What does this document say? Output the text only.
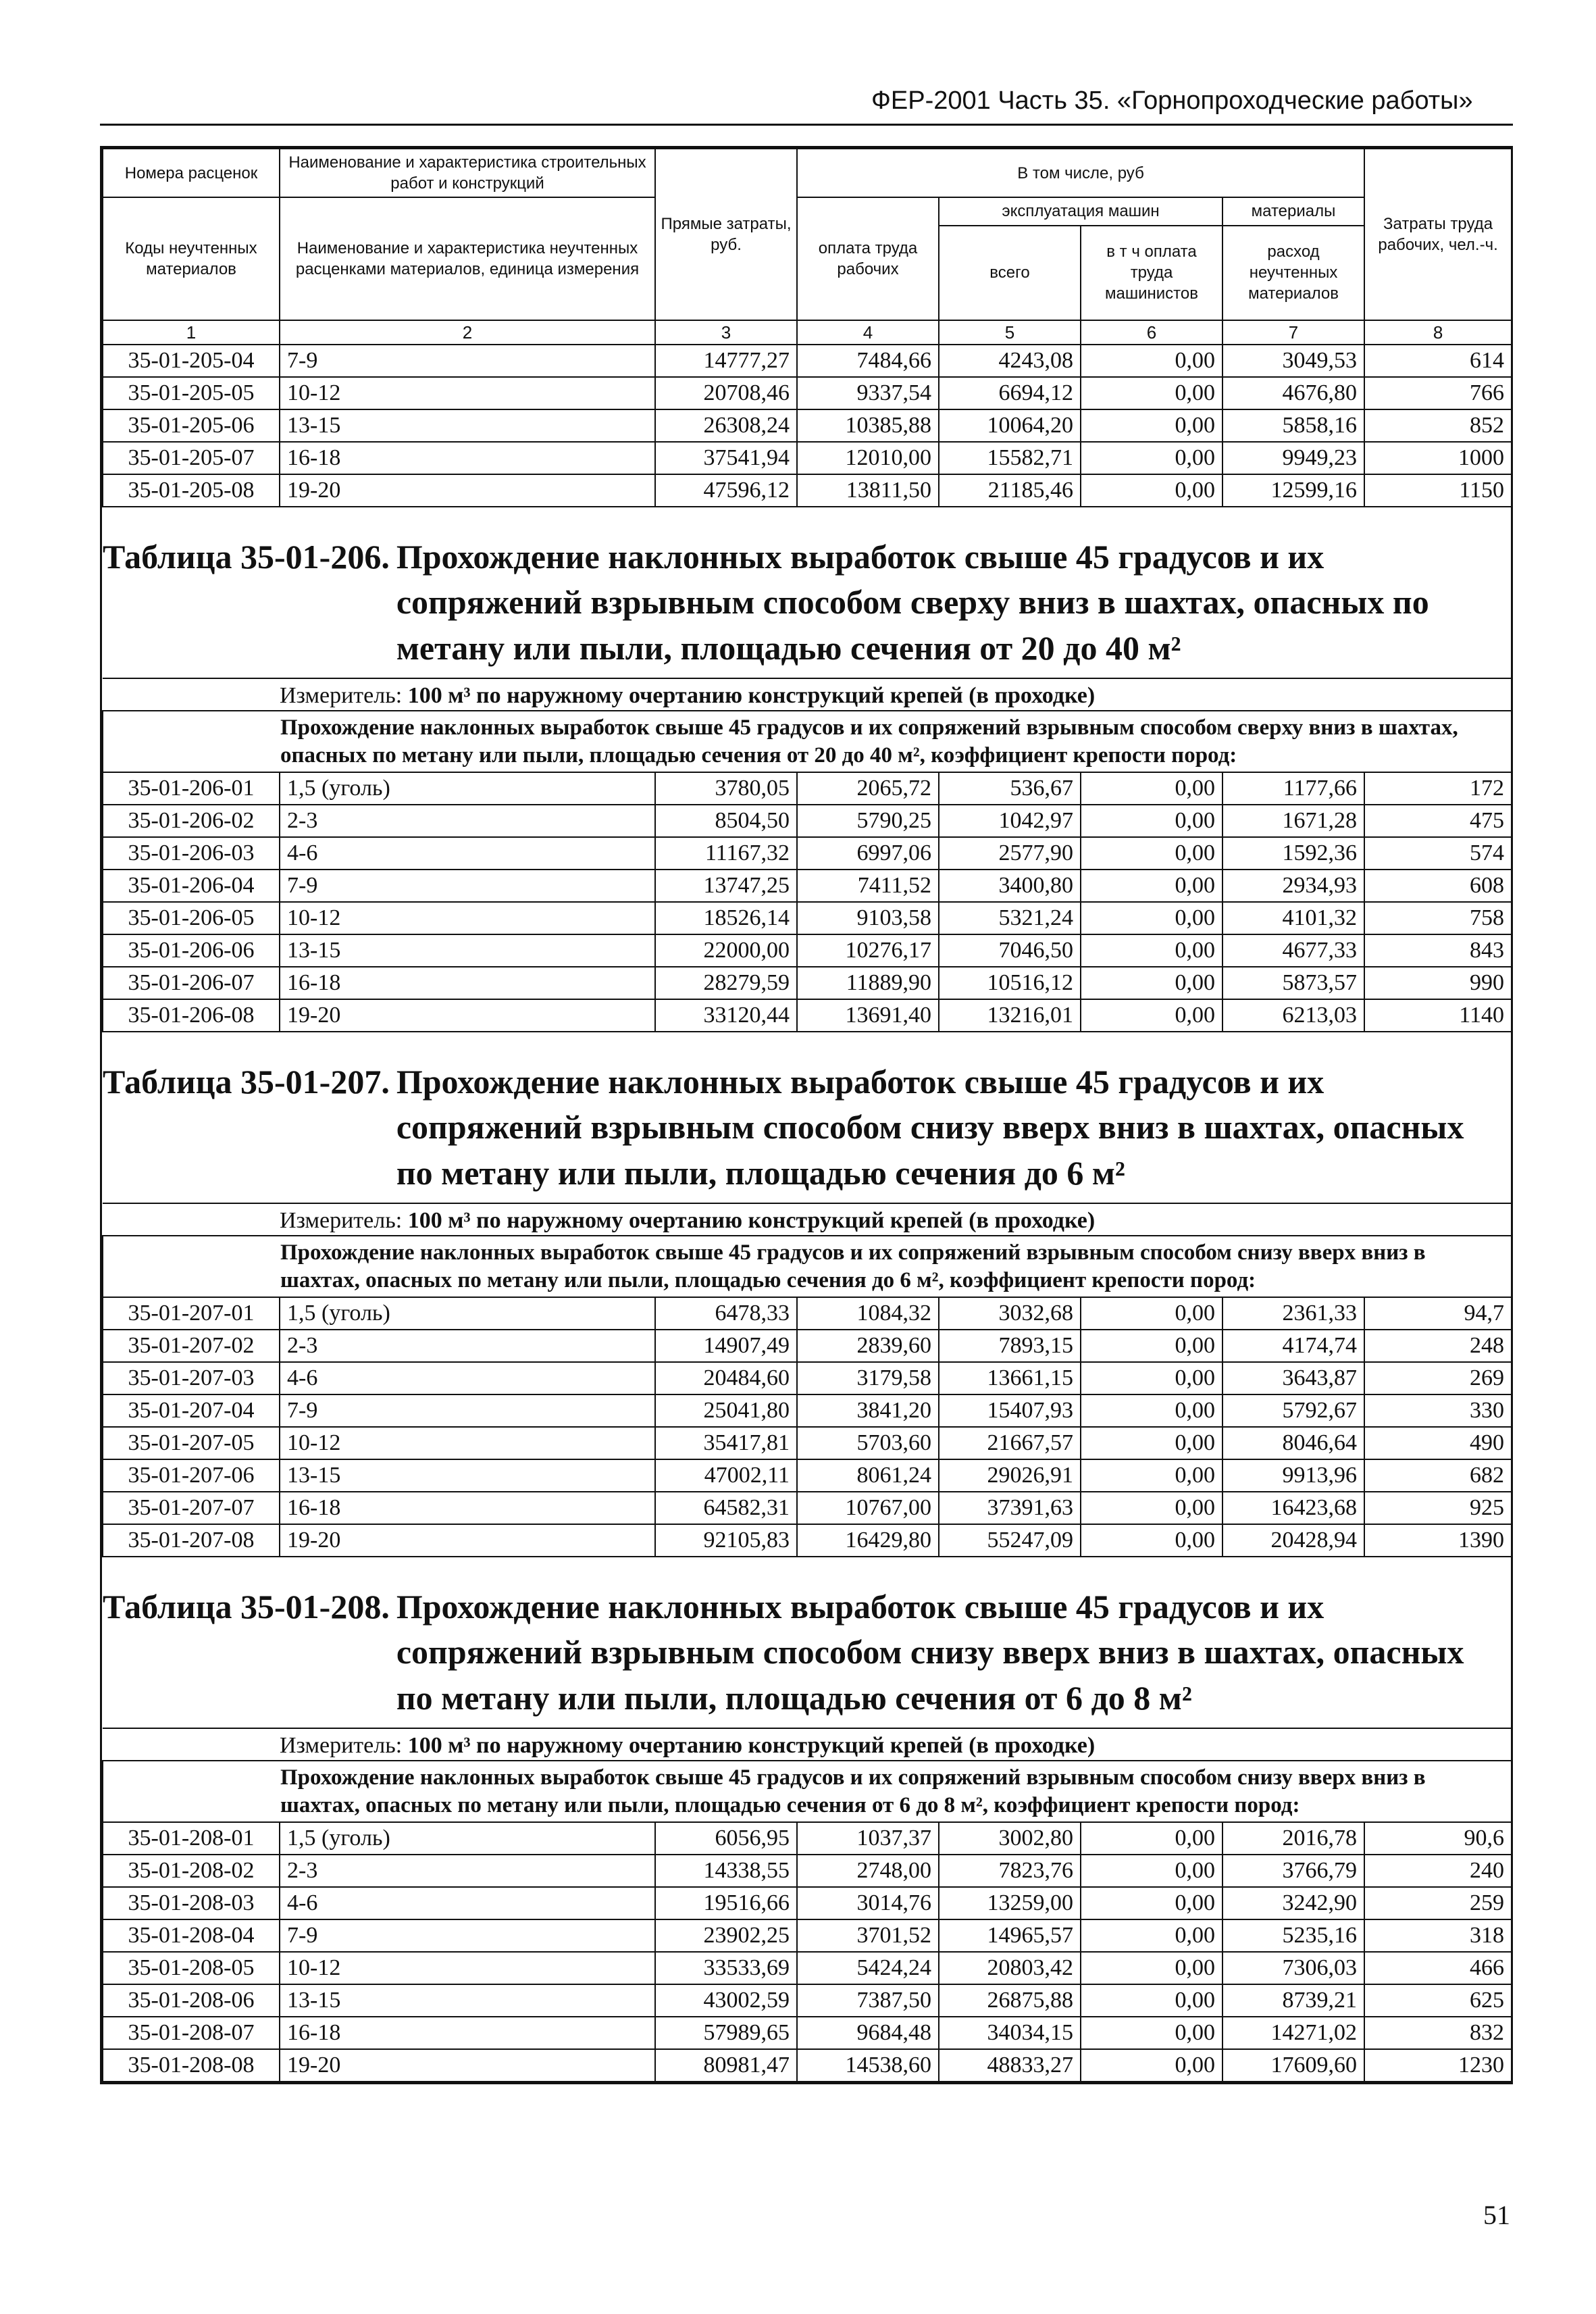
ФЕР-2001 Часть 35. «Горнопроходческие работы»
Номера расценок	Наименование и характеристика строительных работ и конструкций	Прямые затраты, руб.	В том числе, руб				Затраты труда рабочих, чел.-ч.
Коды неучтенных материалов	Наименование и характеристика неучтенных расценками материалов, единица измерения		оплата труда рабочих	эксплуатация машин		материалы	
				всего	в т ч оплата труда машинистов	расход неучтенных материалов	
1	2	3	4	5	6	7	8
35-01-205-04	7-9	14777,27	7484,66	4243,08	0,00	3049,53	614
35-01-205-05	10-12	20708,46	9337,54	6694,12	0,00	4676,80	766
35-01-205-06	13-15	26308,24	10385,88	10064,20	0,00	5858,16	852
35-01-205-07	16-18	37541,94	12010,00	15582,71	0,00	9949,23	1000
35-01-205-08	19-20	47596,12	13811,50	21185,46	0,00	12599,16	1150

Таблица 35-01-206. Прохождение наклонных выработок свыше 45 градусов и их сопряжений взрывным способом сверху вниз в шахтах, опасных по метану или пыли, площадью сечения от 20 до 40 м²							

Измеритель: 100 м³ по наружному очертанию конструкций крепей (в проходке)							
Прохождение наклонных выработок свыше 45 градусов и их сопряжений взрывным способом сверху вниз в шахтах, опасных по метану или пыли, площадью сечения от 20 до 40 м², коэффициент крепости пород:							
35-01-206-01	1,5 (уголь)	3780,05	2065,72	536,67	0,00	1177,66	172
35-01-206-02	2-3	8504,50	5790,25	1042,97	0,00	1671,28	475
35-01-206-03	4-6	11167,32	6997,06	2577,90	0,00	1592,36	574
35-01-206-04	7-9	13747,25	7411,52	3400,80	0,00	2934,93	608
35-01-206-05	10-12	18526,14	9103,58	5321,24	0,00	4101,32	758
35-01-206-06	13-15	22000,00	10276,17	7046,50	0,00	4677,33	843
35-01-206-07	16-18	28279,59	11889,90	10516,12	0,00	5873,57	990
35-01-206-08	19-20	33120,44	13691,40	13216,01	0,00	6213,03	1140

Таблица 35-01-207. Прохождение наклонных выработок свыше 45 градусов и их сопряжений взрывным способом снизу вверх вниз в шахтах, опасных по метану или пыли, площадью сечения до 6 м²							

Измеритель: 100 м³ по наружному очертанию конструкций крепей (в проходке)							
Прохождение наклонных выработок свыше 45 градусов и их сопряжений взрывным способом снизу вверх вниз в шахтах, опасных по метану или пыли, площадью сечения до 6 м², коэффициент крепости пород:							
35-01-207-01	1,5 (уголь)	6478,33	1084,32	3032,68	0,00	2361,33	94,7
35-01-207-02	2-3	14907,49	2839,60	7893,15	0,00	4174,74	248
35-01-207-03	4-6	20484,60	3179,58	13661,15	0,00	3643,87	269
35-01-207-04	7-9	25041,80	3841,20	15407,93	0,00	5792,67	330
35-01-207-05	10-12	35417,81	5703,60	21667,57	0,00	8046,64	490
35-01-207-06	13-15	47002,11	8061,24	29026,91	0,00	9913,96	682
35-01-207-07	16-18	64582,31	10767,00	37391,63	0,00	16423,68	925
35-01-207-08	19-20	92105,83	16429,80	55247,09	0,00	20428,94	1390

Таблица 35-01-208. Прохождение наклонных выработок свыше 45 градусов и их сопряжений взрывным способом снизу вверх вниз в шахтах, опасных по метану или пыли, площадью сечения от 6 до 8 м²							

Измеритель: 100 м³ по наружному очертанию конструкций крепей (в проходке)							
Прохождение наклонных выработок свыше 45 градусов и их сопряжений взрывным способом снизу вверх вниз в шахтах, опасных по метану или пыли, площадью сечения от 6 до 8 м², коэффициент крепости пород:							
35-01-208-01	1,5 (уголь)	6056,95	1037,37	3002,80	0,00	2016,78	90,6
35-01-208-02	2-3	14338,55	2748,00	7823,76	0,00	3766,79	240
35-01-208-03	4-6	19516,66	3014,76	13259,00	0,00	3242,90	259
35-01-208-04	7-9	23902,25	3701,52	14965,57	0,00	5235,16	318
35-01-208-05	10-12	33533,69	5424,24	20803,42	0,00	7306,03	466
35-01-208-06	13-15	43002,59	7387,50	26875,88	0,00	8739,21	625
35-01-208-07	16-18	57989,65	9684,48	34034,15	0,00	14271,02	832
35-01-208-08	19-20	80981,47	14538,60	48833,27	0,00	17609,60	1230
51
